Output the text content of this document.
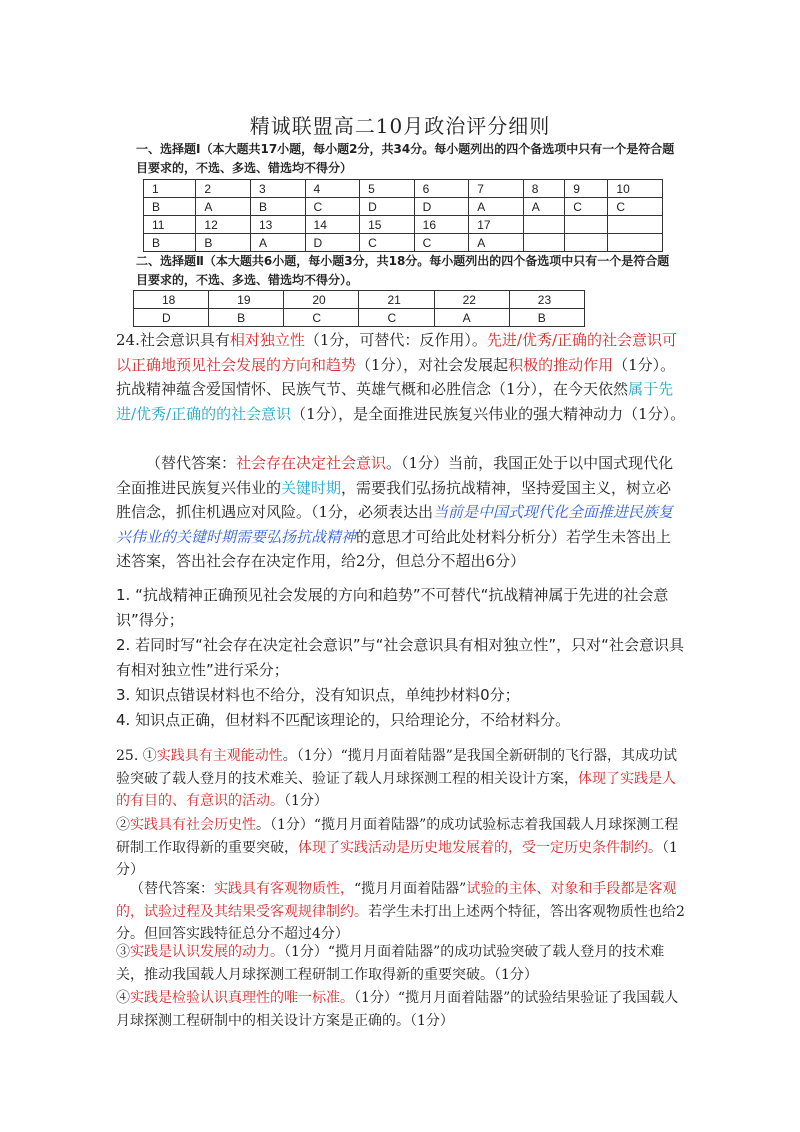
精诚联盟高二10月政治评分细则
一、选择题Ⅰ（本大题共17小题，每小题2分，共34分。每小题列出的四个备选项中只有一个是符合题
目要求的，不选、多选、错选均不得分）
1	2	3	4	5	6	7	8	9	10
B	A	B	C	D	D	A	A	C	C
11	12	13	14	15	16	17			
B	B	A	D	C	C	A			
二、选择题Ⅱ（本大题共6小题，每小题3分，共18分。每小题列出的四个备选项中只有一个是符合题
目要求的，不选、多选、错选均不得分）。
18	19	20	21	22	23
D	B	C	C	A	B
24.社会意识具有相对独立性（1分，可替代：反作用）。先进/优秀/正确的社会意识可以正确地预见社会发展的方向和趋势（1分），对社会发展起积极的推动作用（1分）。抗战精神蕴含爱国情怀、民族气节、英雄气概和必胜信念（1分），在今天依然属于先进/优秀/正确的的社会意识（1分），是全面推进民族复兴伟业的强大精神动力（1分）。
（替代答案：社会存在决定社会意识。（1分）当前，我国正处于以中国式现代化全面推进民族复兴伟业的关键时期，需要我们弘扬抗战精神，坚持爱国主义，树立必胜信念，抓住机遇应对风险。（1分，必须表达出当前是中国式现代化全面推进民族复兴伟业的关键时期需要弘扬抗战精神的意思才可给此处材料分析分）若学生未答出上述答案，答出社会存在决定作用，给2分，但总分不超出6分）
1. “抗战精神正确预见社会发展的方向和趋势”不可替代“抗战精神属于先进的社会意识”得分；
2. 若同时写“社会存在决定社会意识”与“社会意识具有相对独立性”，只对“社会意识具有相对独立性”进行采分；
3. 知识点错误材料也不给分，没有知识点，单纯抄材料0分；
4. 知识点正确，但材料不匹配该理论的，只给理论分，不给材料分。
25. ①实践具有主观能动性。（1分）“揽月月面着陆器”是我国全新研制的飞行器，其成功试验突破了载人登月的技术难关、验证了载人月球探测工程的相关设计方案，体现了实践是人的有目的、有意识的活动。（1分）
②实践具有社会历史性。（1分）“揽月月面着陆器”的成功试验标志着我国载人月球探测工程研制工作取得新的重要突破，体现了实践活动是历史地发展着的，受一定历史条件制约。（1分）
（替代答案：实践具有客观物质性，“揽月月面着陆器”试验的主体、对象和手段都是客观的，试验过程及其结果受客观规律制约。若学生未打出上述两个特征，答出客观物质性也给2分。但回答实践特征总分不超过4分）
③实践是认识发展的动力。（1分）“揽月月面着陆器”的成功试验突破了载人登月的技术难关，推动我国载人月球探测工程研制工作取得新的重要突破。（1分）
④实践是检验认识真理性的唯一标准。（1分）“揽月月面着陆器”的试验结果验证了我国载人月球探测工程研制中的相关设计方案是正确的。（1分）
